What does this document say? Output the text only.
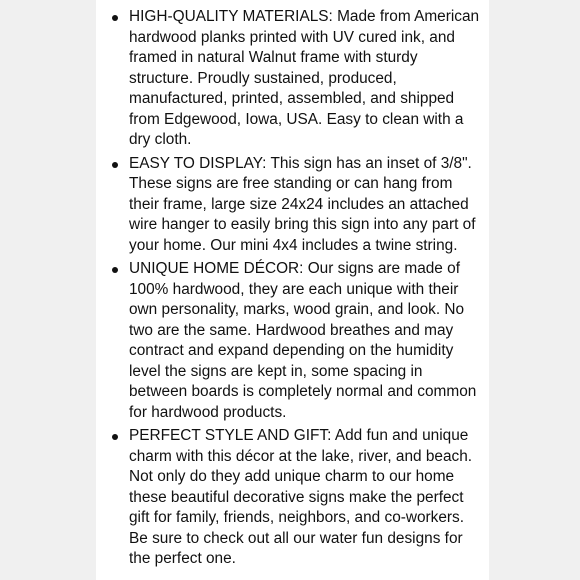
HIGH-QUALITY MATERIALS: Made from American hardwood planks printed with UV cured ink, and framed in natural Walnut frame with sturdy structure. Proudly sustained, produced, manufactured, printed, assembled, and shipped from Edgewood, Iowa, USA. Easy to clean with a dry cloth.
EASY TO DISPLAY: This sign has an inset of 3/8". These signs are free standing or can hang from their frame, large size 24x24 includes an attached wire hanger to easily bring this sign into any part of your home. Our mini 4x4 includes a twine string.
UNIQUE HOME DÉCOR: Our signs are made of 100% hardwood, they are each unique with their own personality, marks, wood grain, and look. No two are the same. Hardwood breathes and may contract and expand depending on the humidity level the signs are kept in, some spacing in between boards is completely normal and common for hardwood products.
PERFECT STYLE AND GIFT: Add fun and unique charm with this décor at the lake, river, and beach. Not only do they add unique charm to our home these beautiful decorative signs make the perfect gift for family, friends, neighbors, and co-workers. Be sure to check out all our water fun designs for the perfect one.
